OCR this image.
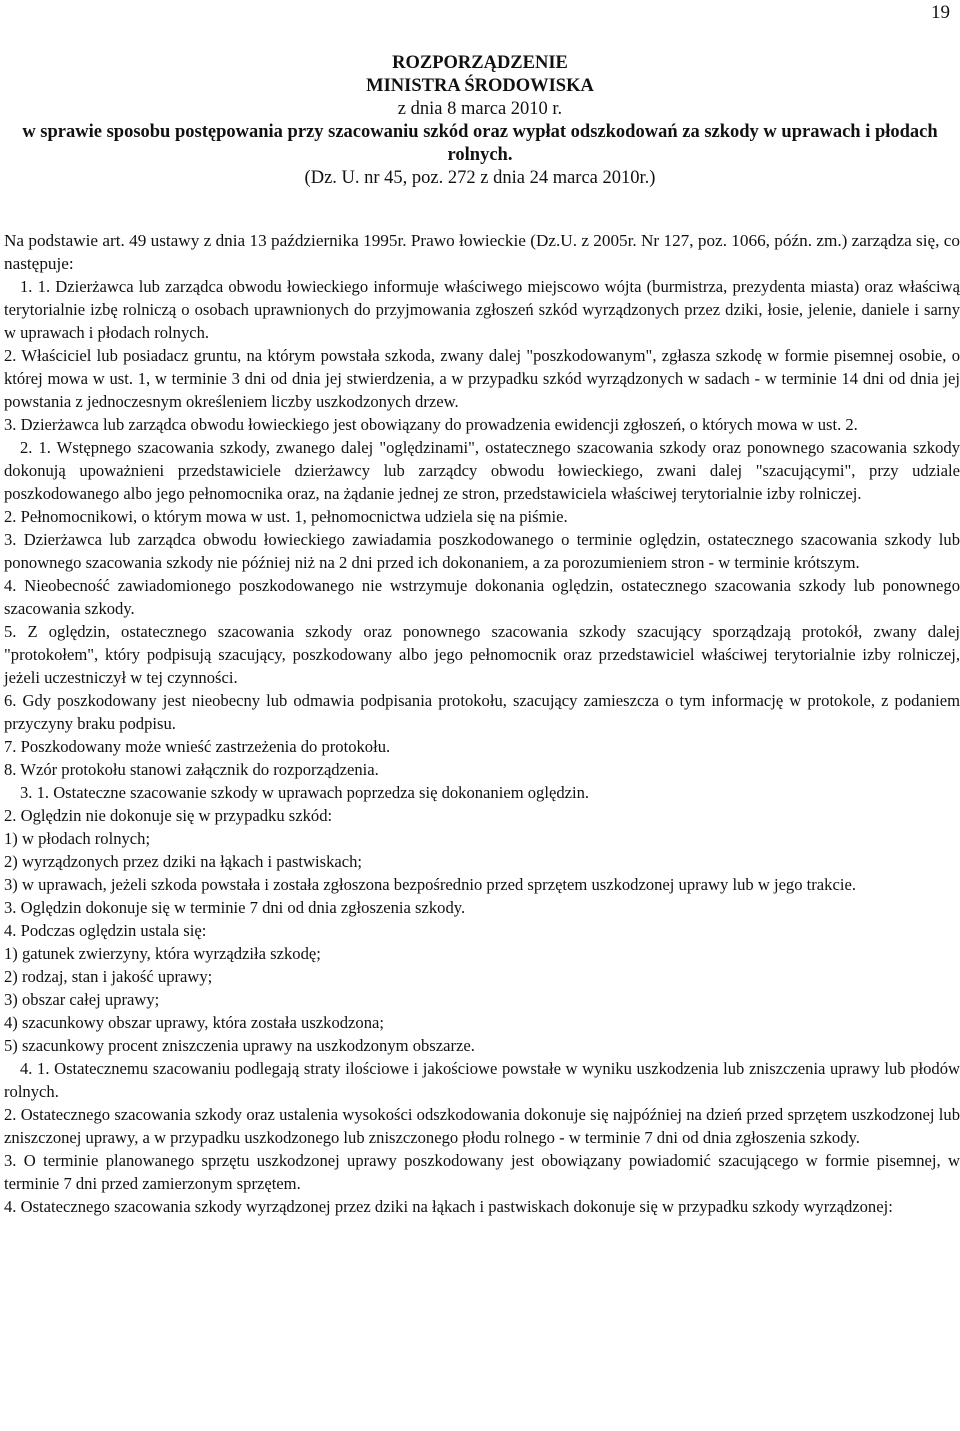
19
ROZPORZĄDZENIE
MINISTRA ŚRODOWISKA
z dnia 8 marca 2010 r.
w sprawie sposobu postępowania przy szacowaniu szkód oraz wypłat odszkodowań za szkody w uprawach i płodach rolnych.
(Dz. U. nr 45, poz. 272 z dnia 24 marca 2010r.)

Na podstawie art. 49 ustawy z dnia 13 października 1995r. Prawo łowieckie (Dz.U. z 2005r. Nr 127, poz. 1066, późn. zm.) zarządza się, co następuje:

1. 1. Dzierżawca lub zarządca obwodu łowieckiego informuje właściwego miejscowo wójta (burmistrza, prezydenta miasta) oraz właściwą terytorialnie izbę rolniczą o osobach uprawnionych do przyjmowania zgłoszeń szkód wyrządzonych przez dziki, łosie, jelenie, daniele i sarny w uprawach i płodach rolnych.

2. Właściciel lub posiadacz gruntu, na którym powstała szkoda, zwany dalej "poszkodowanym", zgłasza szkodę w formie pisemnej osobie, o której mowa w ust. 1, w terminie 3 dni od dnia jej stwierdzenia, a w przypadku szkód wyrządzonych w sadach - w terminie 14 dni od dnia jej powstania z jednoczesnym określeniem liczby uszkodzonych drzew.

3. Dzierżawca lub zarządca obwodu łowieckiego jest obowiązany do prowadzenia ewidencji zgłoszeń, o których mowa w ust. 2.

2. 1. Wstępnego szacowania szkody, zwanego dalej "oględzinami", ostatecznego szacowania szkody oraz ponownego szacowania szkody dokonują upoważnieni przedstawiciele dzierżawcy lub zarządcy obwodu łowieckiego, zwani dalej "szacującymi", przy udziale poszkodowanego albo jego pełnomocnika oraz, na żądanie jednej ze stron, przedstawiciela właściwej terytorialnie izby rolniczej.

2. Pełnomocnikowi, o którym mowa w ust. 1, pełnomocnictwa udziela się na piśmie.

3. Dzierżawca lub zarządca obwodu łowieckiego zawiadamia poszkodowanego o terminie oględzin, ostatecznego szacowania szkody lub ponownego szacowania szkody nie później niż na 2 dni przed ich dokonaniem, a za porozumieniem stron - w terminie krótszym.

4. Nieobecność zawiadomionego poszkodowanego nie wstrzymuje dokonania oględzin, ostatecznego szacowania szkody lub ponownego szacowania szkody.

5. Z oględzin, ostatecznego szacowania szkody oraz ponownego szacowania szkody szacujący sporządzają protokół, zwany dalej "protokołem", który podpisują szacujący, poszkodowany albo jego pełnomocnik oraz przedstawiciel właściwej terytorialnie izby rolniczej, jeżeli uczestniczył w tej czynności.

6. Gdy poszkodowany jest nieobecny lub odmawia podpisania protokołu, szacujący zamieszcza o tym informację w protokole, z podaniem przyczyny braku podpisu.

7. Poszkodowany może wnieść zastrzeżenia do protokołu.

8. Wzór protokołu stanowi załącznik do rozporządzenia.

3. 1. Ostateczne szacowanie szkody w uprawach poprzedza się dokonaniem oględzin.

2. Oględzin nie dokonuje się w przypadku szkód:

1) w płodach rolnych;

2) wyrządzonych przez dziki na łąkach i pastwiskach;

3) w uprawach, jeżeli szkoda powstała i została zgłoszona bezpośrednio przed sprzętem uszkodzonej uprawy lub w jego trakcie.

3. Oględzin dokonuje się w terminie 7 dni od dnia zgłoszenia szkody.

4. Podczas oględzin ustala się:

1) gatunek zwierzyny, która wyrządziła szkodę;

2) rodzaj, stan i jakość uprawy;

3) obszar całej uprawy;

4) szacunkowy obszar uprawy, która została uszkodzona;

5) szacunkowy procent zniszczenia uprawy na uszkodzonym obszarze.

4. 1. Ostatecznemu szacowaniu podlegają straty ilościowe i jakościowe powstałe w wyniku uszkodzenia lub zniszczenia uprawy lub płodów rolnych.

2. Ostatecznego szacowania szkody oraz ustalenia wysokości odszkodowania dokonuje się najpóźniej na dzień przed sprzętem uszkodzonej lub zniszczonej uprawy, a w przypadku uszkodzonego lub zniszczonego płodu rolnego - w terminie 7 dni od dnia zgłoszenia szkody.

3. O terminie planowanego sprzętu uszkodzonej uprawy poszkodowany jest obowiązany powiadomić szacującego w formie pisemnej, w terminie 7 dni przed zamierzonym sprzętem.

4. Ostatecznego szacowania szkody wyrządzonej przez dziki na łąkach i pastwiskach dokonuje się w przypadku szkody wyrządzonej:
